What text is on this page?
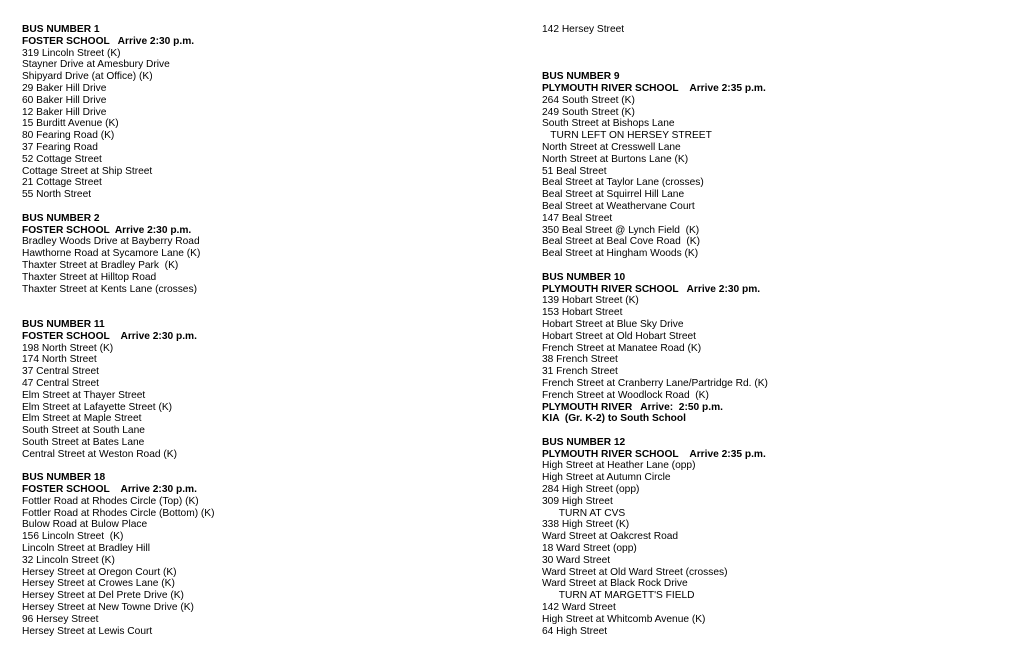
BUS NUMBER 1
FOSTER SCHOOL   Arrive 2:30 p.m.
319 Lincoln Street (K)
Stayner Drive at Amesbury Drive
Shipyard Drive (at Office) (K)
29 Baker Hill Drive
60 Baker Hill Drive
12 Baker Hill Drive
15 Burditt Avenue (K)
80 Fearing Road (K)
37 Fearing Road
52 Cottage Street
Cottage Street at Ship Street
21 Cottage Street
55 North Street
BUS NUMBER 2
FOSTER SCHOOL  Arrive 2:30 p.m.
Bradley Woods Drive at Bayberry Road
Hawthorne Road at Sycamore Lane (K)
Thaxter Street at Bradley Park  (K)
Thaxter Street at Hilltop Road
Thaxter Street at Kents Lane (crosses)
BUS NUMBER 11
FOSTER SCHOOL    Arrive 2:30 p.m.
198 North Street (K)
174 North Street
37 Central Street
47 Central Street
Elm Street at Thayer Street
Elm Street at Lafayette Street (K)
Elm Street at Maple Street
South Street at South Lane
South Street at Bates Lane
Central Street at Weston Road (K)
BUS NUMBER 18
FOSTER SCHOOL    Arrive 2:30 p.m.
Fottler Road at Rhodes Circle (Top) (K)
Fottler Road at Rhodes Circle (Bottom) (K)
Bulow Road at Bulow Place
156 Lincoln Street  (K)
Lincoln Street at Bradley Hill
32 Lincoln Street (K)
Hersey Street at Oregon Court (K)
Hersey Street at Crowes Lane (K)
Hersey Street at Del Prete Drive (K)
Hersey Street at New Towne Drive (K)
96 Hersey Street
Hersey Street at Lewis Court
142 Hersey Street
BUS NUMBER 9
PLYMOUTH RIVER SCHOOL    Arrive 2:35 p.m.
264 South Street (K)
249 South Street (K)
South Street at Bishops Lane
TURN LEFT ON HERSEY STREET
North Street at Cresswell Lane
North Street at Burtons Lane (K)
51 Beal Street
Beal Street at Taylor Lane (crosses)
Beal Street at Squirrel Hill Lane
Beal Street at Weathervane Court
147 Beal Street
350 Beal Street @ Lynch Field  (K)
Beal Street at Beal Cove Road  (K)
Beal Street at Hingham Woods (K)
BUS NUMBER 10
PLYMOUTH RIVER SCHOOL   Arrive 2:30 pm.
139 Hobart Street (K)
153 Hobart Street
Hobart Street at Blue Sky Drive
Hobart Street at Old Hobart Street
French Street at Manatee Road (K)
38 French Street
31 French Street
French Street at Cranberry Lane/Partridge Rd. (K)
French Street at Woodlock Road  (K)
PLYMOUTH RIVER   Arrive:  2:50 p.m.
KIA  (Gr. K-2) to South School
BUS NUMBER 12
PLYMOUTH RIVER SCHOOL    Arrive 2:35 p.m.
High Street at Heather Lane (opp)
High Street at Autumn Circle
284 High Street (opp)
309 High Street
TURN AT CVS
338 High Street (K)
Ward Street at Oakcrest Road
18 Ward Street (opp)
30 Ward Street
Ward Street at Old Ward Street (crosses)
Ward Street at Black Rock Drive
TURN AT MARGETT'S FIELD
142 Ward Street
High Street at Whitcomb Avenue (K)
64 High Street
